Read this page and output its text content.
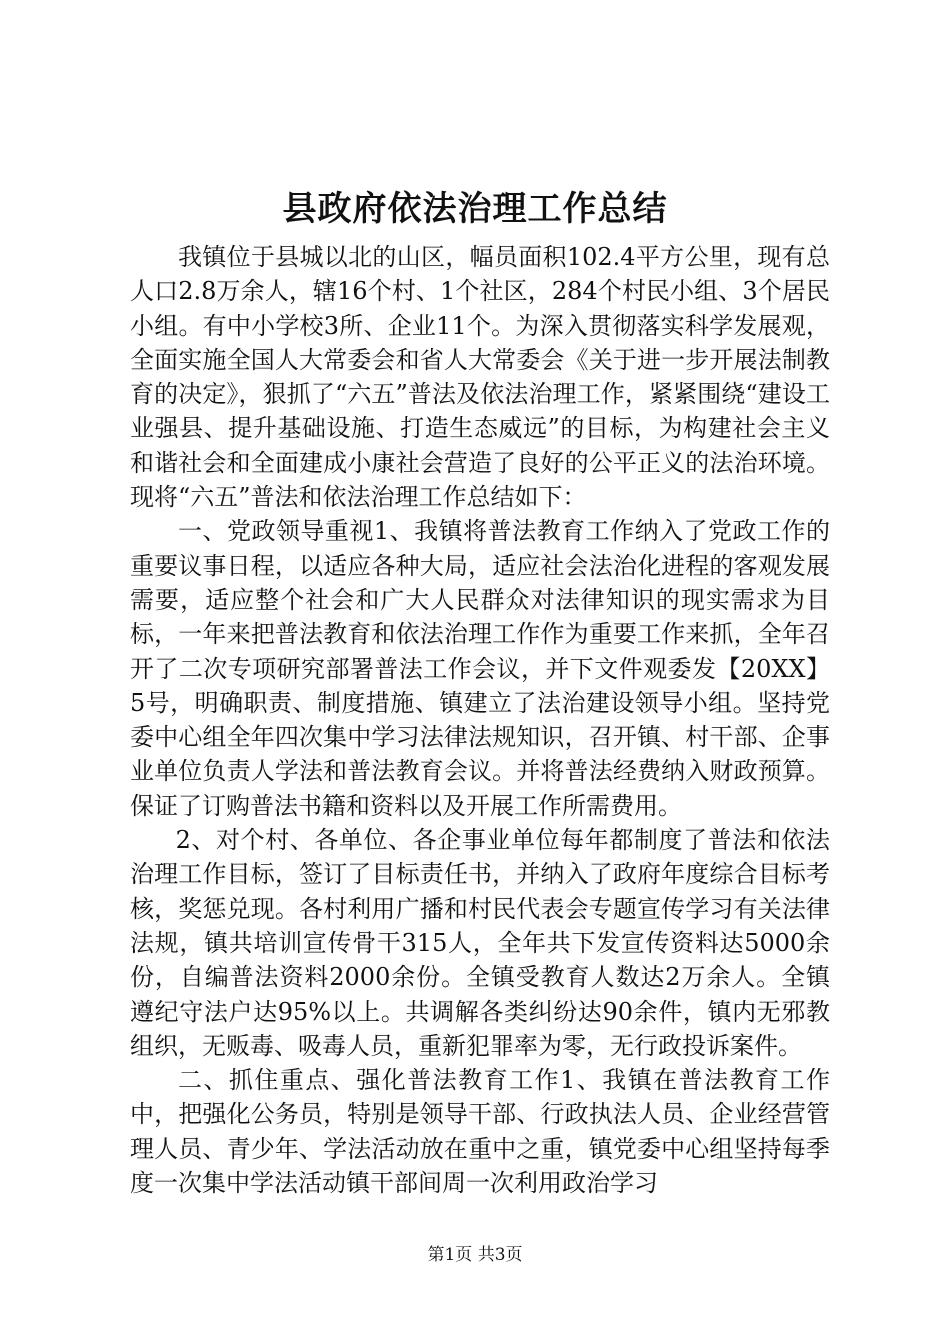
县政府依法治理工作总结

我镇位于县城以北的山区，幅员面积102.4平方公里，现有总人口2.8万余人，辖16个村、1个社区，284个村民小组、3个居民小组。有中小学校3所、企业11个。为深入贯彻落实科学发展观，全面实施全国人大常委会和省人大常委会《关于进一步开展法制教育的决定》，狠抓了“六五”普法及依法治理工作，紧紧围绕“建设工业强县、提升基础设施、打造生态威远”的目标，为构建社会主义和谐社会和全面建成小康社会营造了良好的公平正义的法治环境。现将“六五”普法和依法治理工作总结如下：

一、党政领导重视1、我镇将普法教育工作纳入了党政工作的重要议事日程，以适应各种大局，适应社会法治化进程的客观发展需要，适应整个社会和广大人民群众对法律知识的现实需求为目标，一年来把普法教育和依法治理工作作为重要工作来抓，全年召开了二次专项研究部署普法工作会议，并下文件观委发【20XX】5号，明确职责、制度措施、镇建立了法治建设领导小组。坚持党委中心组全年四次集中学习法律法规知识，召开镇、村干部、企事业单位负责人学法和普法教育会议。并将普法经费纳入财政预算。保证了订购普法书籍和资料以及开展工作所需费用。

2、对个村、各单位、各企事业单位每年都制度了普法和依法治理工作目标，签订了目标责任书，并纳入了政府年度综合目标考核，奖惩兑现。各村利用广播和村民代表会专题宣传学习有关法律法规，镇共培训宣传骨干315人，全年共下发宣传资料达5000余份，自编普法资料2000余份。全镇受教育人数达2万余人。全镇遵纪守法户达95%以上。共调解各类纠纷达90余件，镇内无邪教组织，无贩毒、吸毒人员，重新犯罪率为零，无行政投诉案件。

二、抓住重点、强化普法教育工作1、我镇在普法教育工作中，把强化公务员，特别是领导干部、行政执法人员、企业经营管理人员、青少年、学法活动放在重中之重，镇党委中心组坚持每季度一次集中学法活动镇干部间周一次利用政治学习

第1页 共3页
